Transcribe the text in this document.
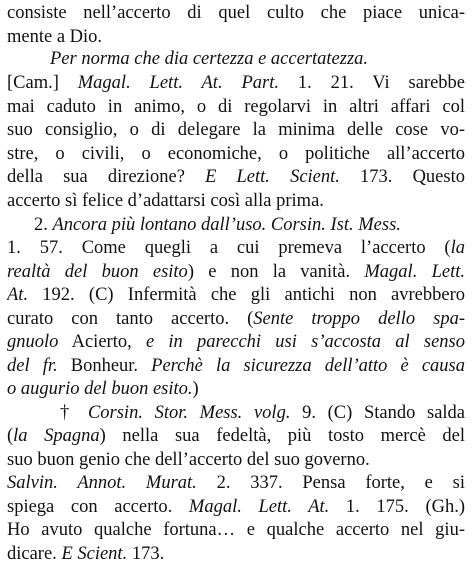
consiste nell’accerto di quel culto che piace unica-
mente a Dio.
Per norma che dia certezza e accertatezza.
[Cam.] Magal. Lett. At. Part. 1. 21. Vi sarebbe
mai caduto in animo, o di regolarvi in altri affari col
suo consiglio, o di delegare la minima delle cose vo-
stre, o civili, o economiche, o politiche all’accerto
della sua direzione? E Lett. Scient. 173. Questo
accerto sì felice d’adattarsi così alla prima.
2. Ancora più lontano dall’uso. Corsin. Ist. Mess.
1. 57. Come quegli a cui premeva l’accerto (la
realtà del buon esito) e non la vanità. Magal. Lett.
At. 192. (C) Infermità che gli antichi non avrebbero
curato con tanto accerto. (Sente troppo dello spa-
gnuolo Acierto, e in parecchi usi s’accosta al senso
del fr. Bonheur. Perchè la sicurezza dell’atto è causa
o augurio del buon esito.)
† Corsin. Stor. Mess. volg. 9. (C) Stando salda
(la Spagna) nella sua fedeltà, più tosto mercè del
suo buon genio che dell’accerto del suo governo.
Salvin. Annot. Murat. 2. 337. Pensa forte, e si
spiega con accerto. Magal. Lett. At. 1. 175. (Gh.)
Ho avuto qualche fortuna… e qualche accerto nel giu-
dicare. E Scient. 173.
